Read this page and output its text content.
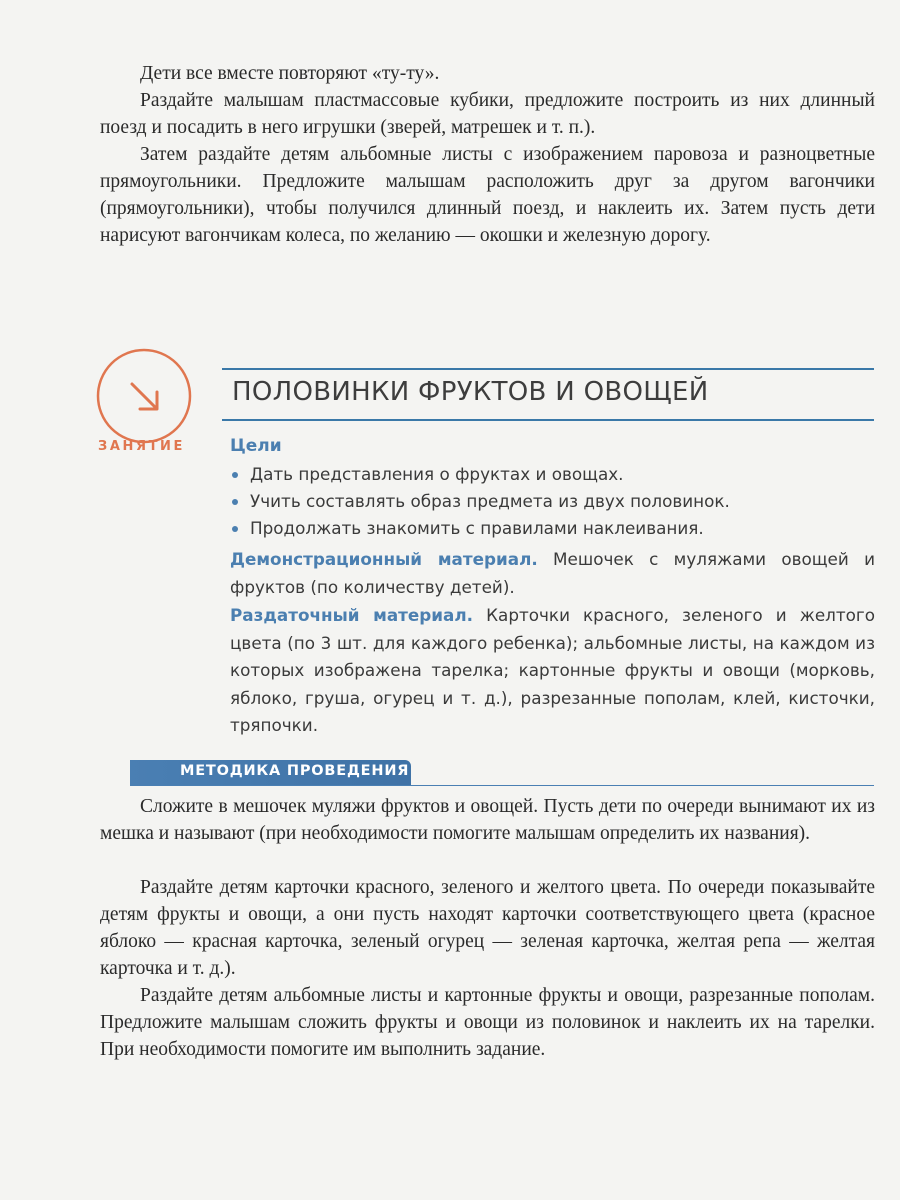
Дети все вместе повторяют «ту-ту».

Раздайте малышам пластмассовые кубики, предложите построить из них длинный поезд и посадить в него игрушки (зверей, матрешек и т. п.).

Затем раздайте детям альбомные листы с изображением паровоза и разноцветные прямоугольники. Предложите малышам расположить друг за другом вагончики (прямоугольники), чтобы получился длинный поезд, и наклеить их. Затем пусть дети нарисуют вагончикам колеса, по желанию — окошки и железную дорогу.

ЗАНЯТИЕ
ПОЛОВИНКИ ФРУКТОВ И ОВОЩЕЙ
Цели
Дать представления о фруктах и овощах.
Учить составлять образ предмета из двух половинок.
Продолжать знакомить с правилами наклеивания.

Демонстрационный материал. Мешочек с муляжами овощей и фруктов (по количеству детей).

Раздаточный материал. Карточки красного, зеленого и желтого цвета (по 3 шт. для каждого ребенка); альбомные листы, на каждом из которых изображена тарелка; картонные фрукты и овощи (морковь, яблоко, груша, огурец и т. д.), разрезанные пополам, клей, кисточки, тряпочки.

МЕТОДИКА ПРОВЕДЕНИЯ

Сложите в мешочек муляжи фруктов и овощей. Пусть дети по очереди вынимают их из мешка и называют (при необходимости помогите малышам определить их названия).

Раздайте детям карточки красного, зеленого и желтого цвета. По очереди показывайте детям фрукты и овощи, а они пусть находят карточки соответствующего цвета (красное яблоко — красная карточка, зеленый огурец — зеленая карточка, желтая репа — желтая карточка и т. д.).

Раздайте детям альбомные листы и картонные фрукты и овощи, разрезанные пополам. Предложите малышам сложить фрукты и овощи из половинок и наклеить их на тарелки. При необходимости помогите им выполнить задание.
